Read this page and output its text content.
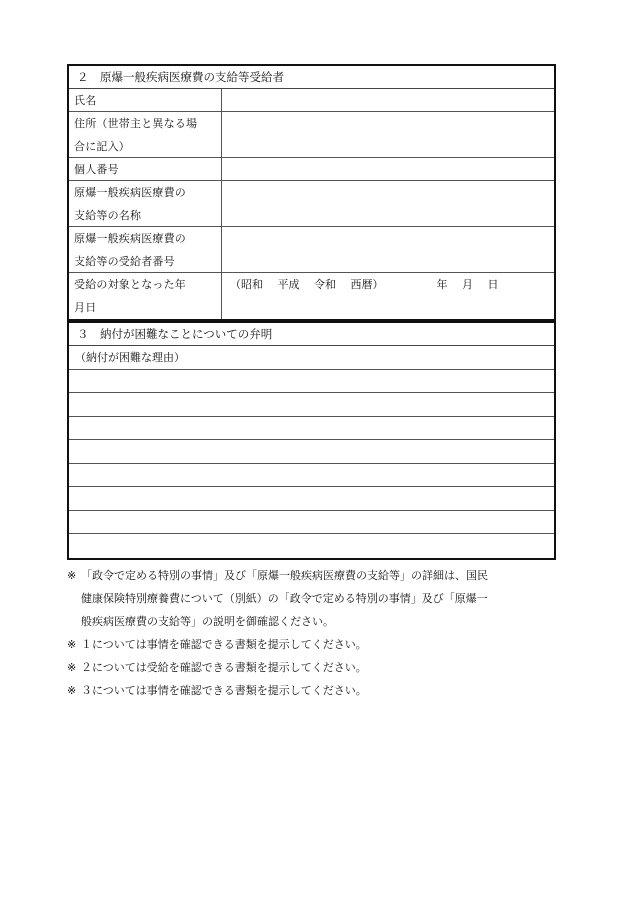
２　原爆一般疾病医療費の支給等受給者
氏名
住所（世帯主と異なる場
合に記入）
個人番号
原爆一般疾病医療費の
支給等の名称
原爆一般疾病医療費の
支給等の受給者番号
受給の対象となった年
月日
（昭和　 平成　 令和　 西暦）　　　　　 年　 月　 日
３　納付が困難なことについての弁明
（納付が困難な理由）
※ 「政令で定める特別の事情」及び「原爆一般疾病医療費の支給等」の詳細は、国民
健康保険特別療養費について（別紙）の「政令で定める特別の事情」及び「原爆一
般疾病医療費の支給等」の説明を御確認ください。
※ １については事情を確認できる書類を提示してください。
※ ２については受給を確認できる書類を提示してください。
※ ３については事情を確認できる書類を提示してください。
